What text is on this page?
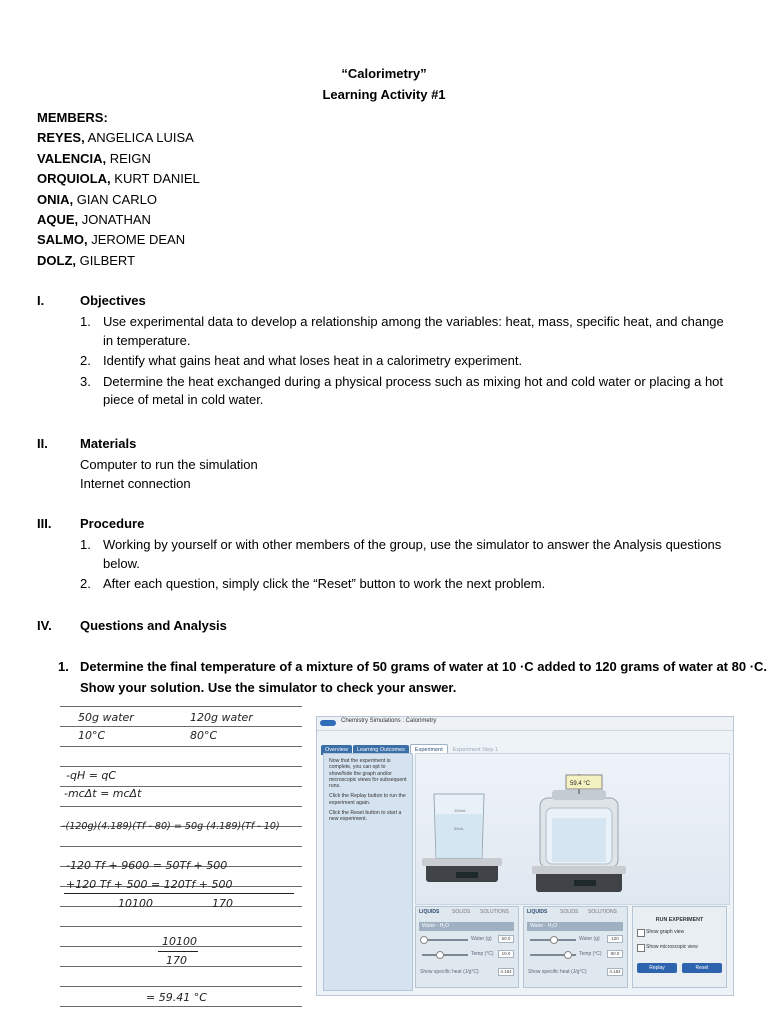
“Calorimetry”
Learning Activity #1
MEMBERS:
REYES, ANGELICA LUISA
VALENCIA, REIGN
ORQUIOLA, KURT DANIEL
ONIA, GIAN CARLO
AQUE, JONATHAN
SALMO, JEROME DEAN
DOLZ, GILBERT
I.	Objectives
1. Use experimental data to develop a relationship among the variables: heat, mass, specific heat, and change in temperature.
2. Identify what gains heat and what loses heat in a calorimetry experiment.
3. Determine the heat exchanged during a physical process such as mixing hot and cold water or placing a hot piece of metal in cold water.
II. Materials
Computer to run the simulation
Internet connection
III. Procedure
1. Working by yourself or with other members of the group, use the simulator to answer the Analysis questions below.
2. After each question, simply click the “Reset” button to work the next problem.
IV. Questions and Analysis
1. Determine the final temperature of a mixture of 50 grams of water at 10 ·C added to 120 grams of water at 80 ·C. Show your solution. Use the simulator to check your answer.
50g water	120g water
10°C	80°C
-qH = qC
-mcΔt = mcΔt
-(120g)(4.189)(Tf - 80) = 50g (4.189)(Tf - 10)
-120 Tf + 9600 = 50Tf + 500
+120 Tf + 500 = 120Tf + 500
10100	170
10100
170
= 59.41 °C
Chemistry Simulations : Calorimetry
Overview Learning Outcomes Experiment Experiment Step 1

Now that the experiment is complete, you can opt to show/hide the graph and/or microscopic views for subsequent runs.

Click the Replay button to run the experiment again.

Click the Reset button to start a new experiment.

100mL
50mL
59.4 °C
LIQUIDS	SOLIDS SOLUTIONS
Water - H₂O
Water (g)	50.0
Temp (°C)	10.0
Show specific heat (J/g°C)	4.184
LIQUIDS	SOLIDS SOLUTIONS
Water - H₂O
Water (g)	120
Temp (°C)	80.0
Show specific heat (J/g°C)	4.184
RUN EXPERIMENT
Show graph view
Show microscopic view
Replay	Reset
